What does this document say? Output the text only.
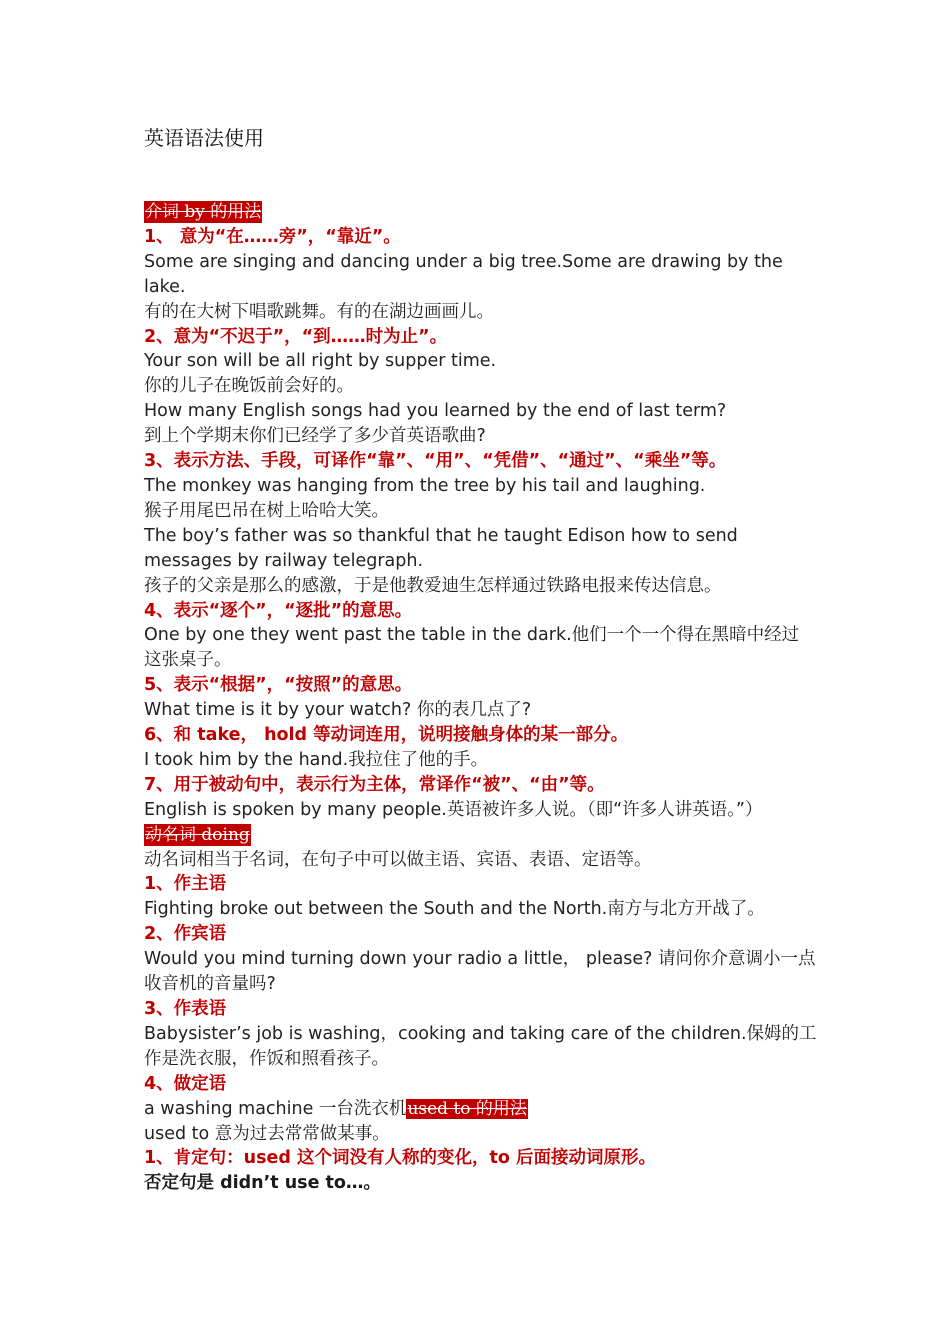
英语语法使用

介词 by 的用法

1、 意为“在……旁”，“靠近”。

Some are singing and dancing under a big tree.Some are drawing by the lake.

有的在大树下唱歌跳舞。有的在湖边画画儿。

2、意为“不迟于”，“到……时为止”。

Your son will be all right by supper time.

你的儿子在晚饭前会好的。

How many English songs had you learned by the end of last term?

到上个学期末你们已经学了多少首英语歌曲?

3、表示方法、手段，可译作“靠”、“用”、“凭借”、“通过”、“乘坐”等。

The monkey was hanging from the tree by his tail and laughing.

猴子用尾巴吊在树上哈哈大笑。

The boy’s father was so thankful that he taught Edison how to send messages by railway telegraph.

孩子的父亲是那么的感激，于是他教爱迪生怎样通过铁路电报来传达信息。

4、表示“逐个”，“逐批”的意思。

One by one they went past the table in the dark.他们一个一个得在黑暗中经过这张桌子。

5、表示“根据”，“按照”的意思。

What time is it by your watch? 你的表几点了?

6、和 take， hold 等动词连用，说明接触身体的某一部分。

I took him by the hand.我拉住了他的手。

7、用于被动句中，表示行为主体，常译作“被”、“由”等。

English is spoken by many people.英语被许多人说。（即“许多人讲英语。”）

动名词 doing

动名词相当于名词，在句子中可以做主语、宾语、表语、定语等。

1、作主语

Fighting broke out between the South and the North.南方与北方开战了。

2、作宾语

Would you mind turning down your radio a little， please? 请问你介意调小一点收音机的音量吗?

3、作表语

Babysister’s job is washing，cooking and taking care of the children.保姆的工作是洗衣服，作饭和照看孩子。

4、做定语

a washing machine 一台洗衣机used to 的用法

used to 意为过去常常做某事。

1、肯定句：used 这个词没有人称的变化，to 后面接动词原形。

否定句是 didn’t use to…。
